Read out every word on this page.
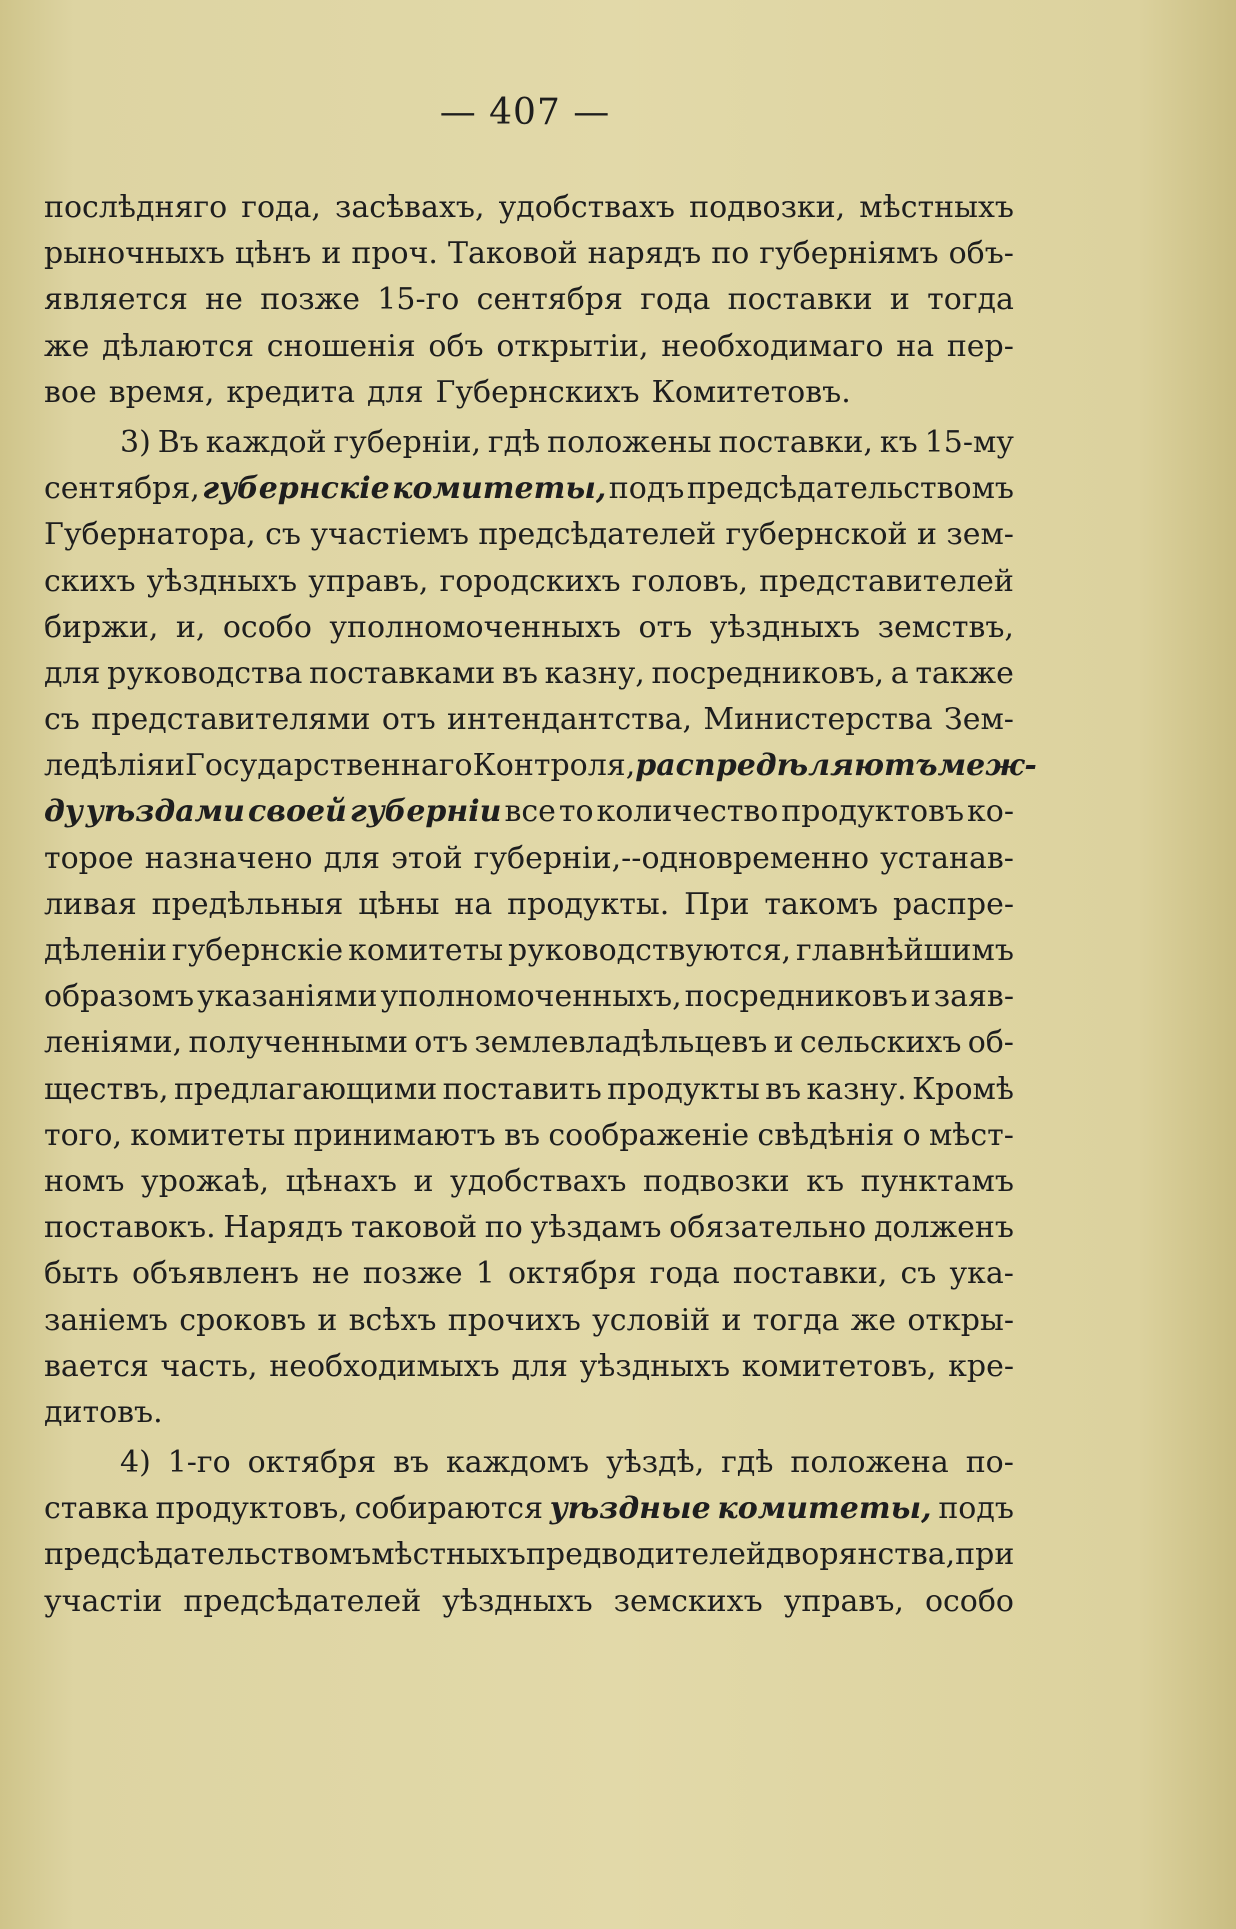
— 407 —
послѣдняго года, засѣвахъ, удобствахъ подвозки, мѣстныхъ
рыночныхъ цѣнъ и проч. Таковой нарядъ по губерніямъ объ-
является не позже 15-го сентября года поставки и тогда
же дѣлаются сношенія объ открытіи, необходимаго на пер-
вое время, кредита для Губернскихъ Комитетовъ.
3) Въ каждой губерніи, гдѣ положены поставки, къ 15-му
сентября, губернскіе комитеты, подъ предсѣдательствомъ
Губернатора, съ участіемъ предсѣдателей губернской и зем-
скихъ уѣздныхъ управъ, городскихъ головъ, представителей
биржи, и, особо уполномоченныхъ отъ уѣздныхъ земствъ,
для руководства поставками въ казну, посредниковъ, а также
съ представителями отъ интендантства, Министерства Зем-
ледѣлія и Государственнаго Контроля, распредѣляютъ меж-
ду уѣздами своей губерніи все то количество продуктовъ ко-
торое назначено для этой губерніи,--одновременно устанав-
ливая предѣльныя цѣны на продукты. При такомъ распре-
дѣленіи губернскіе комитеты руководствуются, главнѣйшимъ
образомъ указаніями уполномоченныхъ, посредниковъ и заяв-
леніями, полученными отъ землевладѣльцевъ и сельскихъ об-
ществъ, предлагающими поставить продукты въ казну. Кромѣ
того, комитеты принимаютъ въ соображеніе свѣдѣнія о мѣст-
номъ урожаѣ, цѣнахъ и удобствахъ подвозки къ пунктамъ
поставокъ. Нарядъ таковой по уѣздамъ обязательно долженъ
быть объявленъ не позже 1 октября года поставки, съ ука-
заніемъ сроковъ и всѣхъ прочихъ условій и тогда же откры-
вается часть, необходимыхъ для уѣздныхъ комитетовъ, кре-
дитовъ.
4) 1-го октября въ каждомъ уѣздѣ, гдѣ положена по-
ставка продуктовъ, собираются уѣздные комитеты, подъ
предсѣдательствомъ мѣстныхъ предводителей дворянства, при
участіи предсѣдателей уѣздныхъ земскихъ управъ, особо
